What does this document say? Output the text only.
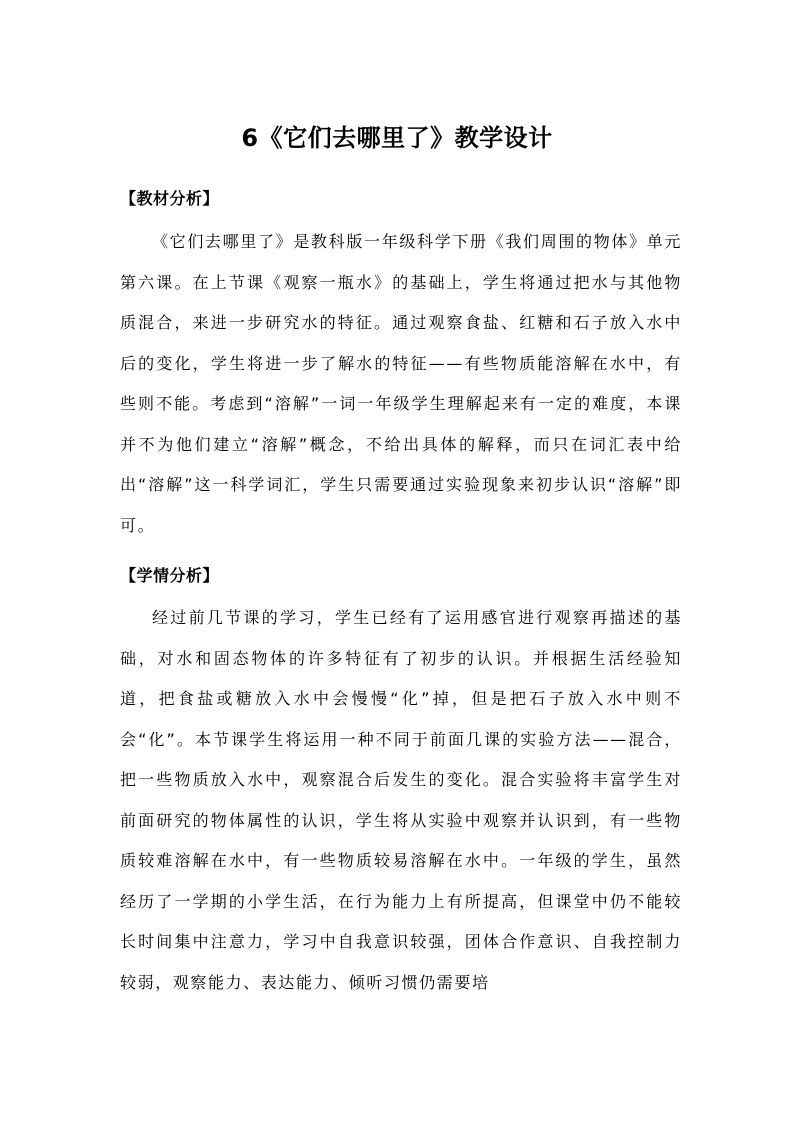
6《它们去哪里了》教学设计
【教材分析】

《它们去哪里了》是教科版一年级科学下册《我们周围的物体》单元第六课。在上节课《观察一瓶水》的基础上，学生将通过把水与其他物质混合，来进一步研究水的特征。通过观察食盐、红糖和石子放入水中后的变化，学生将进一步了解水的特征——有些物质能溶解在水中，有些则不能。考虑到“溶解”一词一年级学生理解起来有一定的难度，本课并不为他们建立“溶解”概念，不给出具体的解释，而只在词汇表中给出“溶解”这一科学词汇，学生只需要通过实验现象来初步认识“溶解”即可。

【学情分析】

经过前几节课的学习，学生已经有了运用感官进行观察再描述的基础，对水和固态物体的许多特征有了初步的认识。并根据生活经验知道，把食盐或糖放入水中会慢慢“化”掉，但是把石子放入水中则不会“化”。本节课学生将运用一种不同于前面几课的实验方法——混合，把一些物质放入水中，观察混合后发生的变化。混合实验将丰富学生对前面研究的物体属性的认识，学生将从实验中观察并认识到，有一些物质较难溶解在水中，有一些物质较易溶解在水中。一年级的学生，虽然经历了一学期的小学生活，在行为能力上有所提高，但课堂中仍不能较长时间集中注意力，学习中自我意识较强，团体合作意识、自我控制力较弱，观察能力、表达能力、倾听习惯仍需要培
